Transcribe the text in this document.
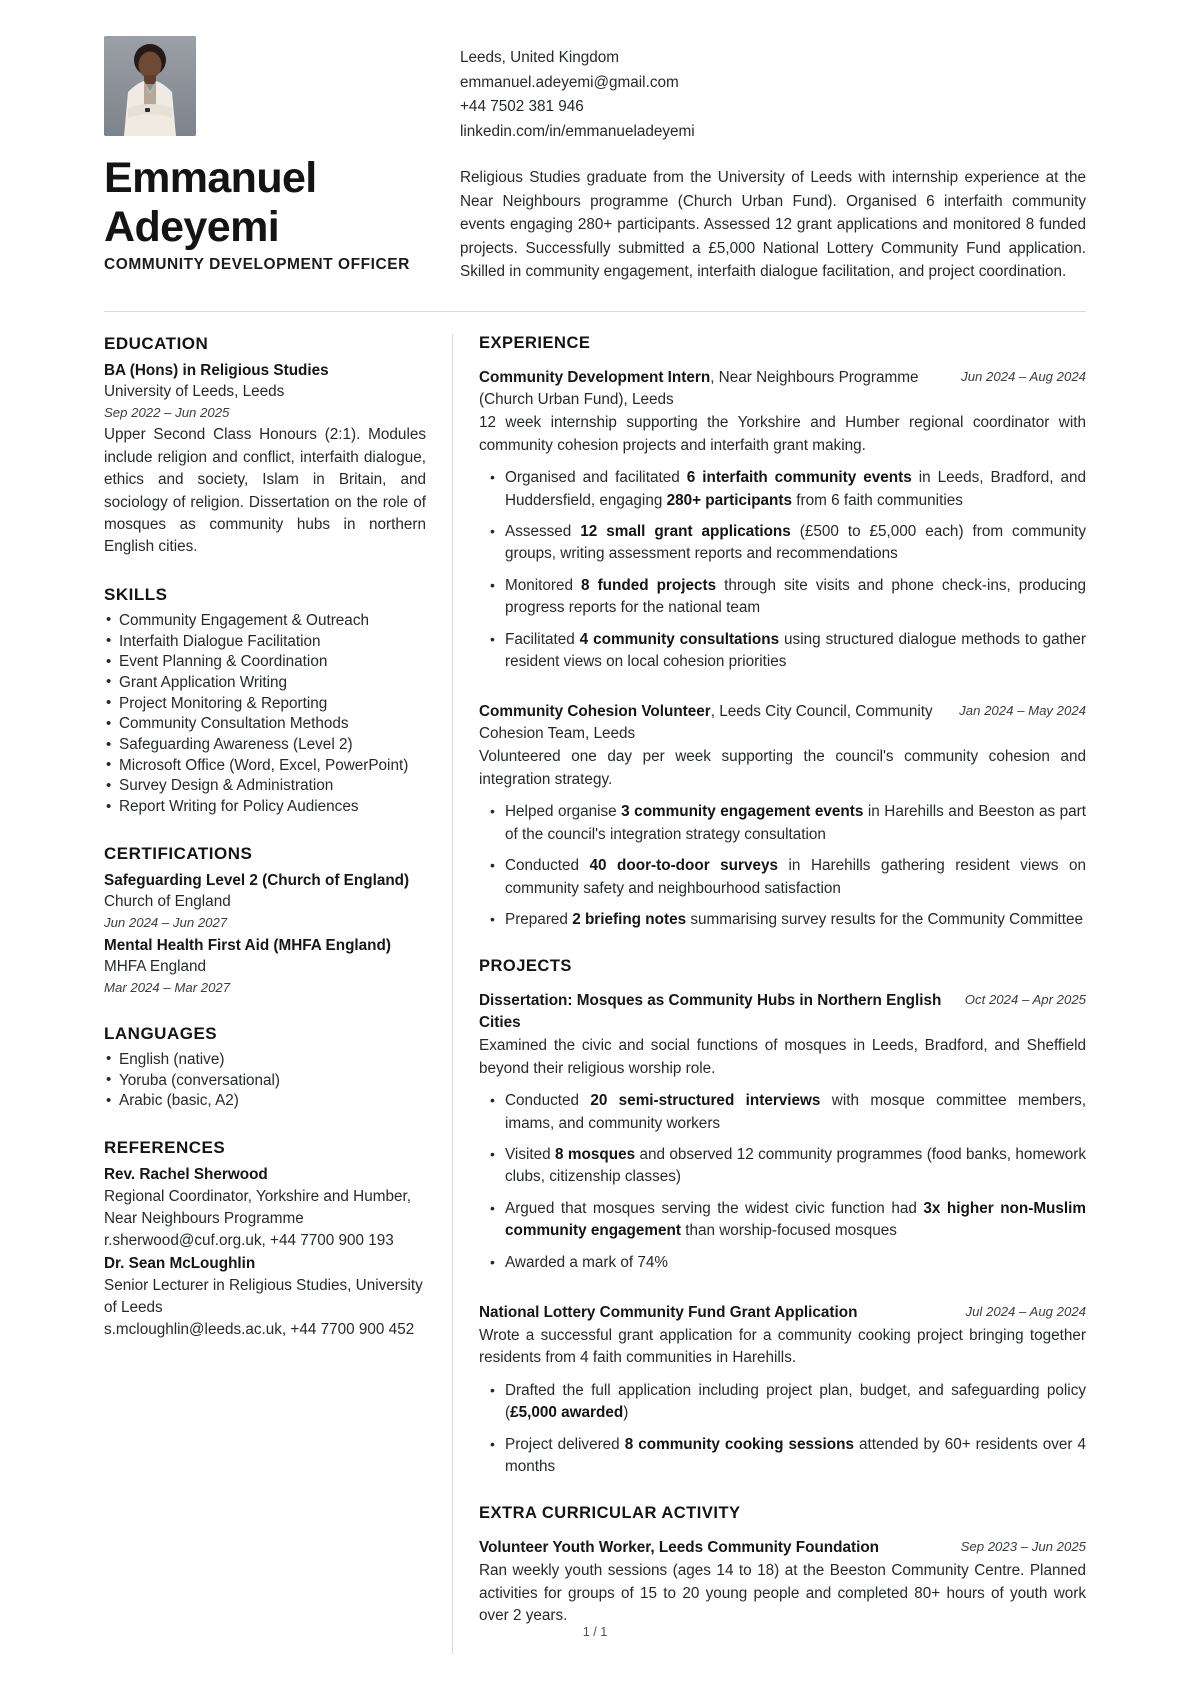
Emmanuel
Adeyemi
COMMUNITY DEVELOPMENT OFFICER
Leeds, United Kingdom
emmanuel.adeyemi@gmail.com
+44 7502 381 946
linkedin.com/in/emmanueladeyemi
Religious Studies graduate from the University of Leeds with internship experience at the Near Neighbours programme (Church Urban Fund). Organised 6 interfaith community events engaging 280+ participants. Assessed 12 grant applications and monitored 8 funded projects. Successfully submitted a £5,000 National Lottery Community Fund application. Skilled in community engagement, interfaith dialogue facilitation, and project coordination.
EDUCATION
BA (Hons) in Religious Studies
University of Leeds, Leeds
Sep 2022 – Jun 2025
Upper Second Class Honours (2:1). Modules include religion and conflict, interfaith dialogue, ethics and society, Islam in Britain, and sociology of religion. Dissertation on the role of mosques as community hubs in northern English cities.
SKILLS
• Community Engagement & Outreach
• Interfaith Dialogue Facilitation
• Event Planning & Coordination
• Grant Application Writing
• Project Monitoring & Reporting
• Community Consultation Methods
• Safeguarding Awareness (Level 2)
• Microsoft Office (Word, Excel, PowerPoint)
• Survey Design & Administration
• Report Writing for Policy Audiences
CERTIFICATIONS
Safeguarding Level 2 (Church of England)
Church of England
Jun 2024 – Jun 2027
Mental Health First Aid (MHFA England)
MHFA England
Mar 2024 – Mar 2027
LANGUAGES
• English (native)
• Yoruba (conversational)
• Arabic (basic, A2)
REFERENCES
Rev. Rachel Sherwood
Regional Coordinator, Yorkshire and Humber, Near Neighbours Programme
r.sherwood@cuf.org.uk, +44 7700 900 193
Dr. Sean McLoughlin
Senior Lecturer in Religious Studies, University of Leeds
s.mcloughlin@leeds.ac.uk, +44 7700 900 452
EXPERIENCE
Community Development Intern, Near Neighbours Programme (Church Urban Fund), Leeds
Jun 2024 – Aug 2024
12 week internship supporting the Yorkshire and Humber regional coordinator with community cohesion projects and interfaith grant making.
• Organised and facilitated 6 interfaith community events in Leeds, Bradford, and Huddersfield, engaging 280+ participants from 6 faith communities
• Assessed 12 small grant applications (£500 to £5,000 each) from community groups, writing assessment reports and recommendations
• Monitored 8 funded projects through site visits and phone check-ins, producing progress reports for the national team
• Facilitated 4 community consultations using structured dialogue methods to gather resident views on local cohesion priorities
Community Cohesion Volunteer, Leeds City Council, Community Cohesion Team, Leeds
Jan 2024 – May 2024
Volunteered one day per week supporting the council's community cohesion and integration strategy.
• Helped organise 3 community engagement events in Harehills and Beeston as part of the council's integration strategy consultation
• Conducted 40 door-to-door surveys in Harehills gathering resident views on community safety and neighbourhood satisfaction
• Prepared 2 briefing notes summarising survey results for the Community Committee
PROJECTS
Dissertation: Mosques as Community Hubs in Northern English Cities
Oct 2024 – Apr 2025
Examined the civic and social functions of mosques in Leeds, Bradford, and Sheffield beyond their religious worship role.
• Conducted 20 semi-structured interviews with mosque committee members, imams, and community workers
• Visited 8 mosques and observed 12 community programmes (food banks, homework clubs, citizenship classes)
• Argued that mosques serving the widest civic function had 3x higher non-Muslim community engagement than worship-focused mosques
• Awarded a mark of 74%
National Lottery Community Fund Grant Application	Jul 2024 – Aug 2024
Wrote a successful grant application for a community cooking project bringing together residents from 4 faith communities in Harehills.
• Drafted the full application including project plan, budget, and safeguarding policy (£5,000 awarded)
• Project delivered 8 community cooking sessions attended by 60+ residents over 4 months
EXTRA CURRICULAR ACTIVITY
Volunteer Youth Worker, Leeds Community Foundation	Sep 2023 – Jun 2025
Ran weekly youth sessions (ages 14 to 18) at the Beeston Community Centre. Planned activities for groups of 15 to 20 young people and completed 80+ hours of youth work over 2 years.
1 / 1
